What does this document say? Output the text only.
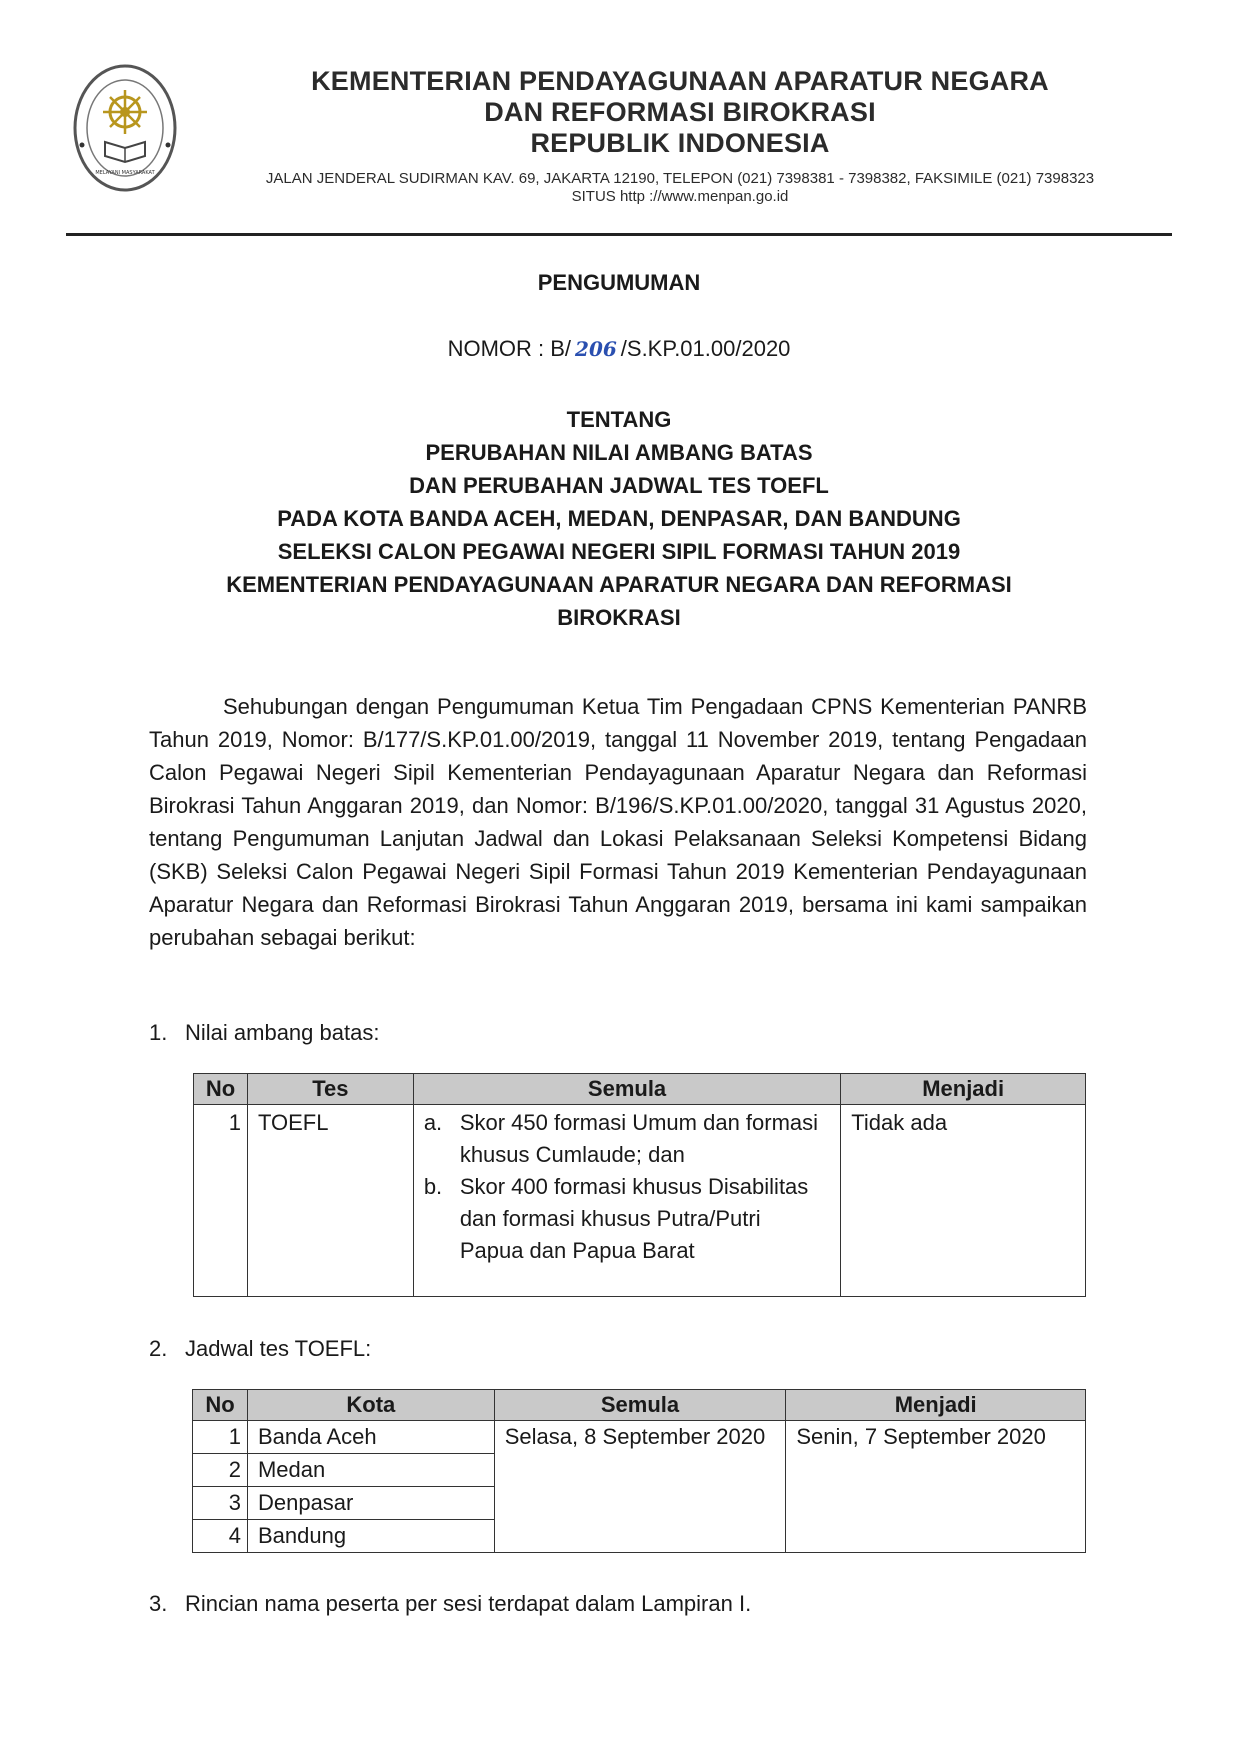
MELAYANI MASYARAKAT
KEMENTERIAN PENDAYAGUNAAN APARATUR NEGARA
DAN REFORMASI BIROKRASI
REPUBLIK INDONESIA
JALAN JENDERAL SUDIRMAN KAV. 69, JAKARTA 12190, TELEPON (021) 7398381 - 7398382, FAKSIMILE (021) 7398323
SITUS http ://www.menpan.go.id
PENGUMUMAN
NOMOR : B/ 206 /S.KP.01.00/2020
TENTANG
PERUBAHAN NILAI AMBANG BATAS
DAN PERUBAHAN JADWAL TES TOEFL
PADA KOTA BANDA ACEH, MEDAN, DENPASAR, DAN BANDUNG
SELEKSI CALON PEGAWAI NEGERI SIPIL FORMASI TAHUN 2019
KEMENTERIAN PENDAYAGUNAAN APARATUR NEGARA DAN REFORMASI
BIROKRASI
Sehubungan dengan Pengumuman Ketua Tim Pengadaan CPNS Kementerian PANRB Tahun 2019, Nomor: B/177/S.KP.01.00/2019, tanggal 11 November 2019, tentang Pengadaan Calon Pegawai Negeri Sipil Kementerian Pendayagunaan Aparatur Negara dan Reformasi Birokrasi Tahun Anggaran 2019, dan Nomor: B/196/S.KP.01.00/2020, tanggal 31 Agustus 2020, tentang Pengumuman Lanjutan Jadwal dan Lokasi Pelaksanaan Seleksi Kompetensi Bidang (SKB) Seleksi Calon Pegawai Negeri Sipil Formasi Tahun 2019 Kementerian Pendayagunaan Aparatur Negara dan Reformasi Birokrasi Tahun Anggaran 2019, bersama ini kami sampaikan perubahan sebagai berikut:
1. Nilai ambang batas:
No	Tes	Semula	Menjadi
1	TOEFL	a. Skor 450 formasi Umum dan formasi khusus Cumlaude; dan
b. Skor 400 formasi khusus Disabilitas dan formasi khusus Putra/Putri Papua dan Papua Barat	Tidak ada
2. Jadwal tes TOEFL:
No	Kota	Semula	Menjadi
1	Banda Aceh	Selasa, 8 September 2020	Senin, 7 September 2020
2	Medan		
3	Denpasar		
4	Bandung		
3. Rincian nama peserta per sesi terdapat dalam Lampiran I.
